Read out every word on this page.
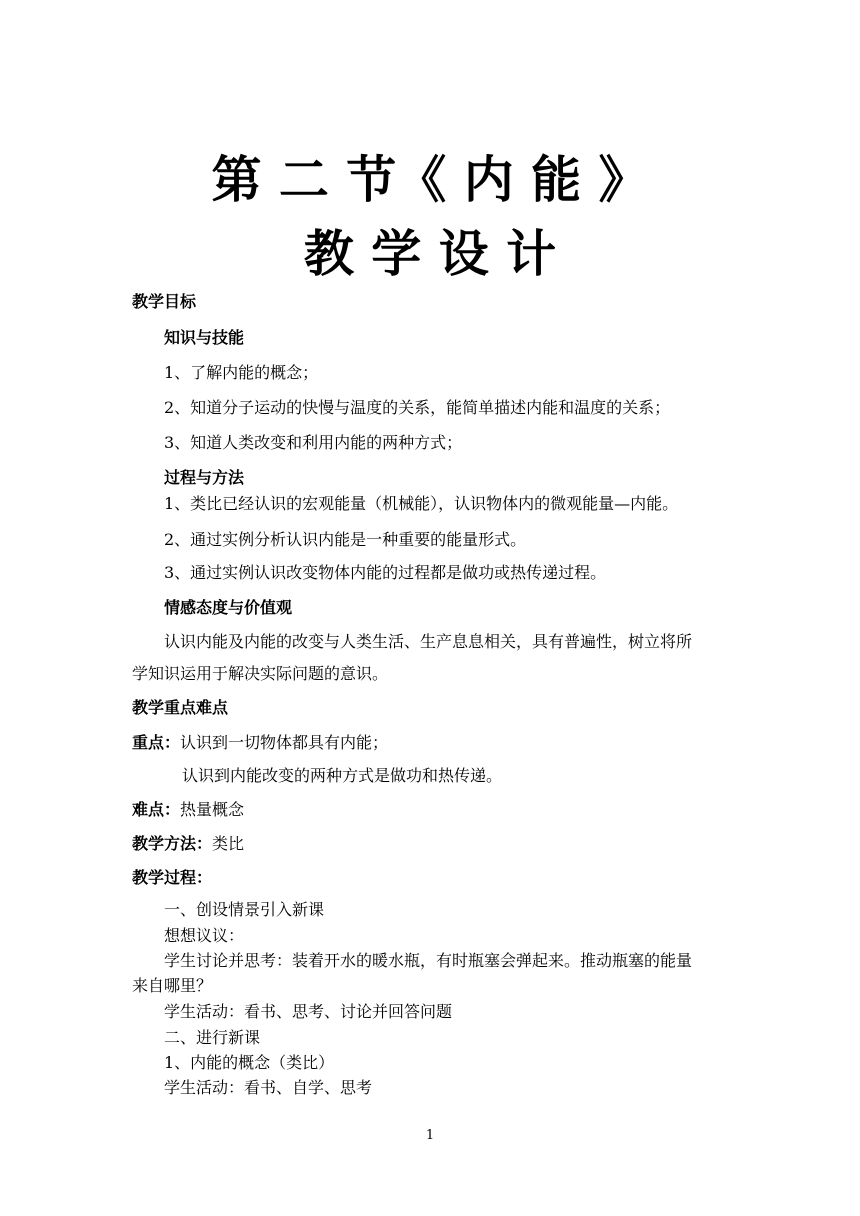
第 二 节《 内 能 》
教 学 设 计
教学目标
知识与技能
1、了解内能的概念；
2、知道分子运动的快慢与温度的关系，能简单描述内能和温度的关系；
3、知道人类改变和利用内能的两种方式；
过程与方法
1、类比已经认识的宏观能量（机械能），认识物体内的微观能量—内能。
2、通过实例分析认识内能是一种重要的能量形式。
3、通过实例认识改变物体内能的过程都是做功或热传递过程。
情感态度与价值观
认识内能及内能的改变与人类生活、生产息息相关，具有普遍性，树立将所
学知识运用于解决实际问题的意识。
教学重点难点
重点：认识到一切物体都具有内能；
认识到内能改变的两种方式是做功和热传递。
难点：热量概念
教学方法：类比
教学过程：
一、创设情景引入新课
想想议议：
学生讨论并思考：装着开水的暖水瓶，有时瓶塞会弹起来。推动瓶塞的能量
来自哪里？
学生活动：看书、思考、讨论并回答问题
二、进行新课
1、内能的概念（类比）
学生活动：看书、自学、思考
1
